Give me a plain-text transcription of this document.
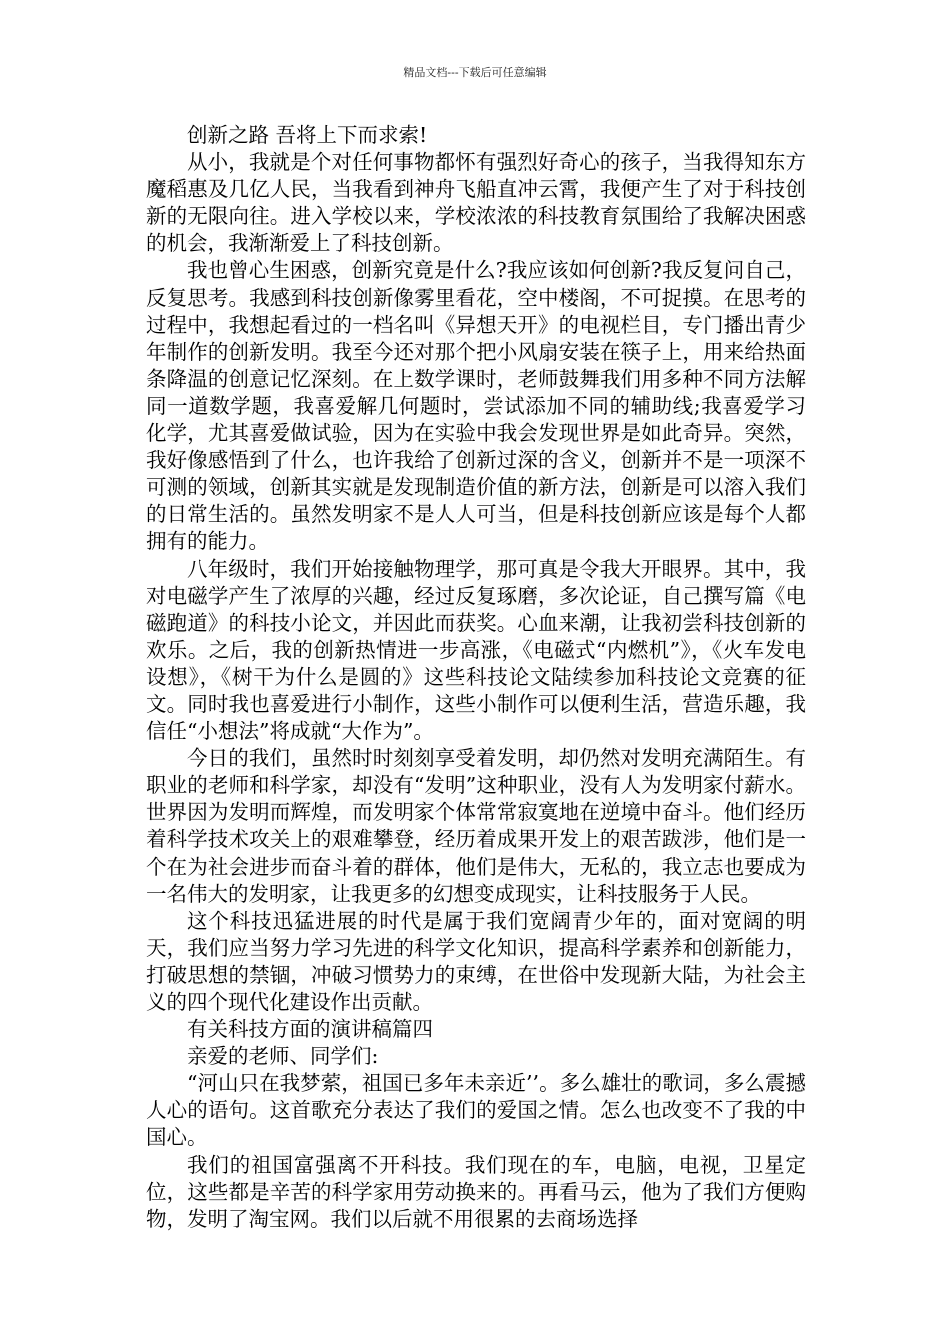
精品文档---下载后可任意编辑

创新之路 吾将上下而求索!

从小，我就是个对任何事物都怀有强烈好奇心的孩子，当我得知东方魔稻惠及几亿人民，当我看到神舟飞船直冲云霄，我便产生了对于科技创新的无限向往。进入学校以来，学校浓浓的科技教育氛围给了我解决困惑的机会，我渐渐爱上了科技创新。

我也曾心生困惑，创新究竟是什么?我应该如何创新?我反复问自己，反复思考。我感到科技创新像雾里看花，空中楼阁，不可捉摸。在思考的过程中，我想起看过的一档名叫《异想天开》的电视栏目，专门播出青少年制作的创新发明。我至今还对那个把小风扇安装在筷子上，用来给热面条降温的创意记忆深刻。在上数学课时，老师鼓舞我们用多种不同方法解同一道数学题，我喜爱解几何题时，尝试添加不同的辅助线;我喜爱学习化学，尤其喜爱做试验，因为在实验中我会发现世界是如此奇异。突然，我好像感悟到了什么，也许我给了创新过深的含义，创新并不是一项深不可测的领域，创新其实就是发现制造价值的新方法，创新是可以溶入我们的日常生活的。虽然发明家不是人人可当，但是科技创新应该是每个人都拥有的能力。

八年级时，我们开始接触物理学，那可真是令我大开眼界。其中，我对电磁学产生了浓厚的兴趣，经过反复琢磨，多次论证，自己撰写篇《电磁跑道》的科技小论文，并因此而获奖。心血来潮，让我初尝科技创新的欢乐。之后，我的创新热情进一步高涨，《电磁式“内燃机”》，《火车发电设想》，《树干为什么是圆的》这些科技论文陆续参加科技论文竞赛的征文。同时我也喜爱进行小制作，这些小制作可以便利生活，营造乐趣，我信任“小想法”将成就“大作为”。

今日的我们，虽然时时刻刻享受着发明，却仍然对发明充满陌生。有职业的老师和科学家，却没有“发明”这种职业，没有人为发明家付薪水。世界因为发明而辉煌，而发明家个体常常寂寞地在逆境中奋斗。他们经历着科学技术攻关上的艰难攀登，经历着成果开发上的艰苦跋涉，他们是一个在为社会进步而奋斗着的群体，他们是伟大，无私的，我立志也要成为一名伟大的发明家，让我更多的幻想变成现实，让科技服务于人民。

这个科技迅猛进展的时代是属于我们宽阔青少年的，面对宽阔的明天，我们应当努力学习先进的科学文化知识，提高科学素养和创新能力，打破思想的禁锢，冲破习惯势力的束缚，在世俗中发现新大陆，为社会主义的四个现代化建设作出贡献。

有关科技方面的演讲稿篇四

亲爱的老师、同学们:

“河山只在我梦萦，祖国已多年未亲近’’。多么雄壮的歌词，多么震撼人心的语句。这首歌充分表达了我们的爱国之情。怎么也改变不了我的中国心。

我们的祖国富强离不开科技。我们现在的车，电脑，电视，卫星定位，这些都是辛苦的科学家用劳动换来的。再看马云，他为了我们方便购物，发明了淘宝网。我们以后就不用很累的去商场选择
